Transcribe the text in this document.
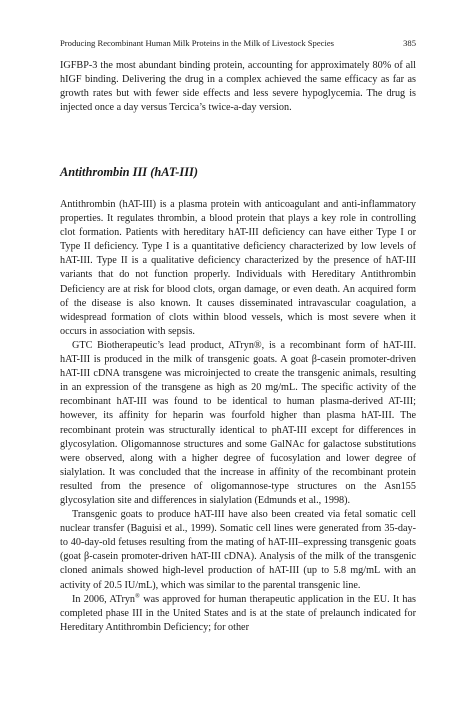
Producing Recombinant Human Milk Proteins in the Milk of Livestock Species	385

IGFBP-3 the most abundant binding protein, accounting for approximately 80% of all hIGF binding. Delivering the drug in a complex achieved the same efficacy as far as growth rates but with fewer side effects and less severe hypoglycemia. The drug is injected once a day versus Tercica’s twice-a-day version.

Antithrombin III (hAT-III)

Antithrombin (hAT-III) is a plasma protein with anticoagulant and anti-inflammatory properties. It regulates thrombin, a blood protein that plays a key role in controlling clot formation. Patients with hereditary hAT-III deficiency can have either Type I or Type II deficiency. Type I is a quantitative deficiency characterized by low levels of hAT-III. Type II is a qualitative deficiency characterized by the presence of hAT-III variants that do not function properly. Individuals with Hereditary Antithrombin Deficiency are at risk for blood clots, organ damage, or even death. An acquired form of the disease is also known. It causes disseminated intravascular coagulation, a widespread formation of clots within blood vessels, which is most severe when it occurs in association with sepsis.

GTC Biotherapeutic’s lead product, ATryn®, is a recombinant form of hAT-III. hAT-III is produced in the milk of transgenic goats. A goat β-casein promoter-driven hAT-III cDNA transgene was microinjected to create the transgenic animals, resulting in an expression of the transgene as high as 20 mg/mL. The specific activity of the recombinant hAT-III was found to be identical to human plasma-derived AT-III; however, its affinity for heparin was fourfold higher than plasma hAT-III. The recombinant protein was structurally identical to phAT-III except for differences in glycosylation. Oligomannose structures and some GalNAc for galactose substitutions were observed, along with a higher degree of fucosylation and lower degree of sialylation. It was concluded that the increase in affinity of the recombinant protein resulted from the presence of oligomannose-type structures on the Asn155 glycosylation site and differences in sialylation (Edmunds et al., 1998).

Transgenic goats to produce hAT-III have also been created via fetal somatic cell nuclear transfer (Baguisi et al., 1999). Somatic cell lines were generated from 35-day- to 40-day-old fetuses resulting from the mating of hAT-III–expressing transgenic goats (goat β-casein promoter-driven hAT-III cDNA). Analysis of the milk of the transgenic cloned animals showed high-level production of hAT-III (up to 5.8 mg/mL with an activity of 20.5 IU/mL), which was similar to the parental transgenic line.

In 2006, ATryn® was approved for human therapeutic application in the EU. It has completed phase III in the United States and is at the state of prelaunch indicated for Hereditary Antithrombin Deficiency; for other
